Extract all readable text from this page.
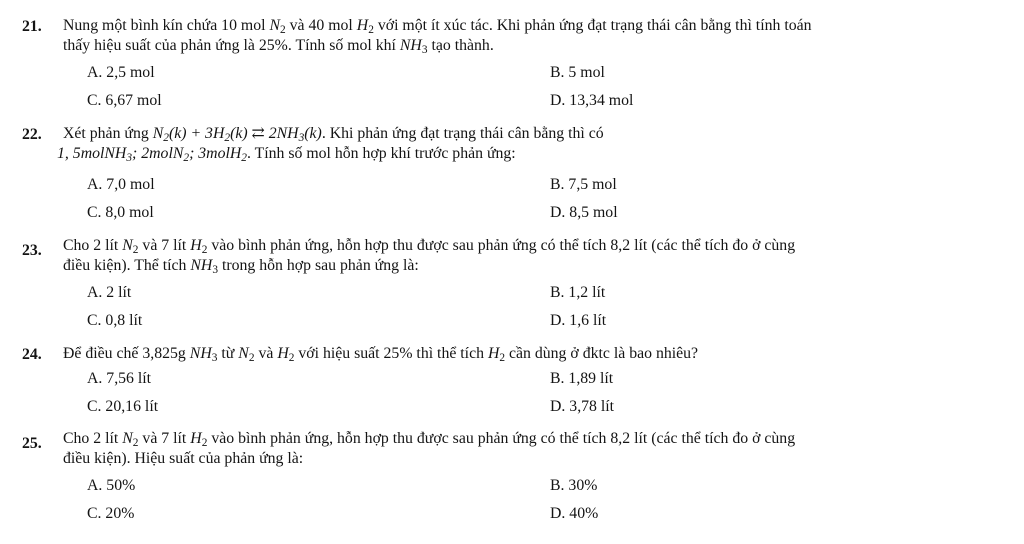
21. Nung một bình kín chứa 10 mol $N_2$ và 40 mol $H_2$ với một ít xúc tác. Khi phản ứng đạt trạng thái cân bằng thì tính toán
thấy hiệu suất của phản ứng là 25%. Tính số mol khí $NH_3$ tạo thành.
A. 2,5 mol	B. 5 mol
C. 6,67 mol	D. 13,34 mol
22. Xét phản ứng $N_2(k) + 3H_2(k)$ ⇄ $2NH_3(k)$. Khi phản ứng đạt trạng thái cân bằng thì có
1, 5molNH$_3$; 2molN$_2$; 3molH$_2$. Tính số mol hỗn hợp khí trước phản ứng:
A. 7,0 mol	B. 7,5 mol
C. 8,0 mol	D. 8,5 mol
23. Cho 2 lít $N_2$ và 7 lít $H_2$ vào bình phản ứng, hỗn hợp thu được sau phản ứng có thể tích 8,2 lít (các thể tích đo ở cùng
điều kiện). Thể tích $NH_3$ trong hỗn hợp sau phản ứng là:
A. 2 lít	B. 1,2 lít
C. 0,8 lít	D. 1,6 lít
24. Để điều chế 3,825g $NH_3$ từ $N_2$ và $H_2$ với hiệu suất 25% thì thể tích $H_2$ cần dùng ở đktc là bao nhiêu?
A. 7,56 lít	B. 1,89 lít
C. 20,16 lít	D. 3,78 lít
25. Cho 2 lít $N_2$ và 7 lít $H_2$ vào bình phản ứng, hỗn hợp thu được sau phản ứng có thể tích 8,2 lít (các thể tích đo ở cùng
điều kiện). Hiệu suất của phản ứng là:
A. 50%	B. 30%
C. 20%	D. 40%
